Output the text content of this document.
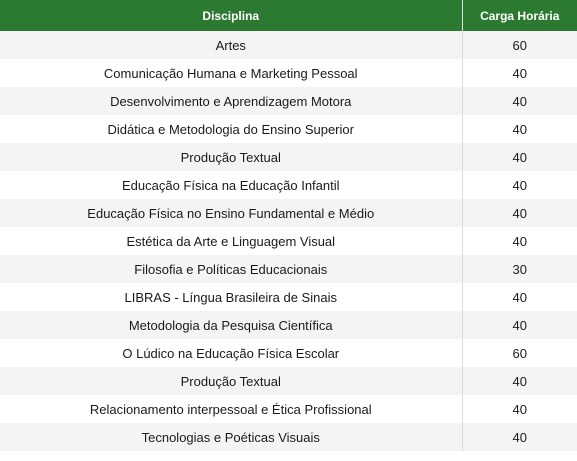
Disciplina	Carga Horária
Artes	60
Comunicação Humana e Marketing Pessoal	40
Desenvolvimento e Aprendizagem Motora	40
Didática e Metodologia do Ensino Superior	40
Produção Textual	40
Educação Física na Educação Infantil	40
Educação Física no Ensino Fundamental e Médio	40
Estética da Arte e Linguagem Visual	40
Filosofia e Políticas Educacionais	30
LIBRAS - Língua Brasileira de Sinais	40
Metodologia da Pesquisa Científica	40
O Lúdico na Educação Física Escolar	60
Produção Textual	40
Relacionamento interpessoal e Ética Profissional	40
Tecnologias e Poéticas Visuais	40
